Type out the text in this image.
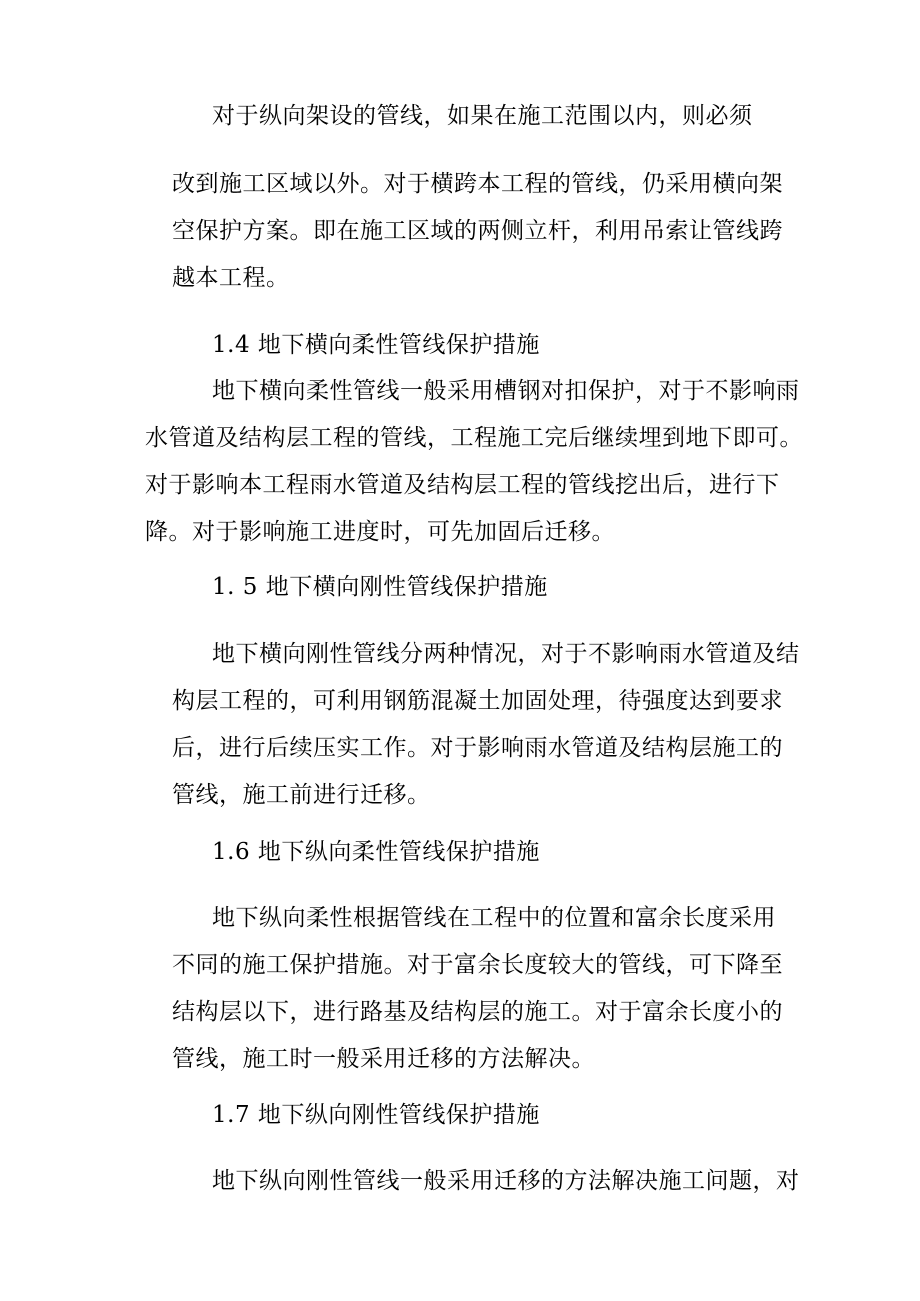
对于纵向架设的管线，如果在施工范围以内，则必须
改到施工区域以外。对于横跨本工程的管线，仍采用横向架
空保护方案。即在施工区域的两侧立杆，利用吊索让管线跨
越本工程。
1.4 地下横向柔性管线保护措施
地下横向柔性管线一般采用槽钢对扣保护，对于不影响雨
水管道及结构层工程的管线，工程施工完后继续埋到地下即可。
对于影响本工程雨水管道及结构层工程的管线挖出后，进行下
降。对于影响施工进度时，可先加固后迁移。
1. 5 地下横向刚性管线保护措施
地下横向刚性管线分两种情况，对于不影响雨水管道及结
构层工程的，可利用钢筋混凝土加固处理，待强度达到要求
后，进行后续压实工作。对于影响雨水管道及结构层施工的
管线，施工前进行迁移。
1.6 地下纵向柔性管线保护措施
地下纵向柔性根据管线在工程中的位置和富余长度采用
不同的施工保护措施。对于富余长度较大的管线，可下降至
结构层以下，进行路基及结构层的施工。对于富余长度小的
管线，施工时一般采用迁移的方法解决。
1.7 地下纵向刚性管线保护措施
地下纵向刚性管线一般采用迁移的方法解决施工问题，对
